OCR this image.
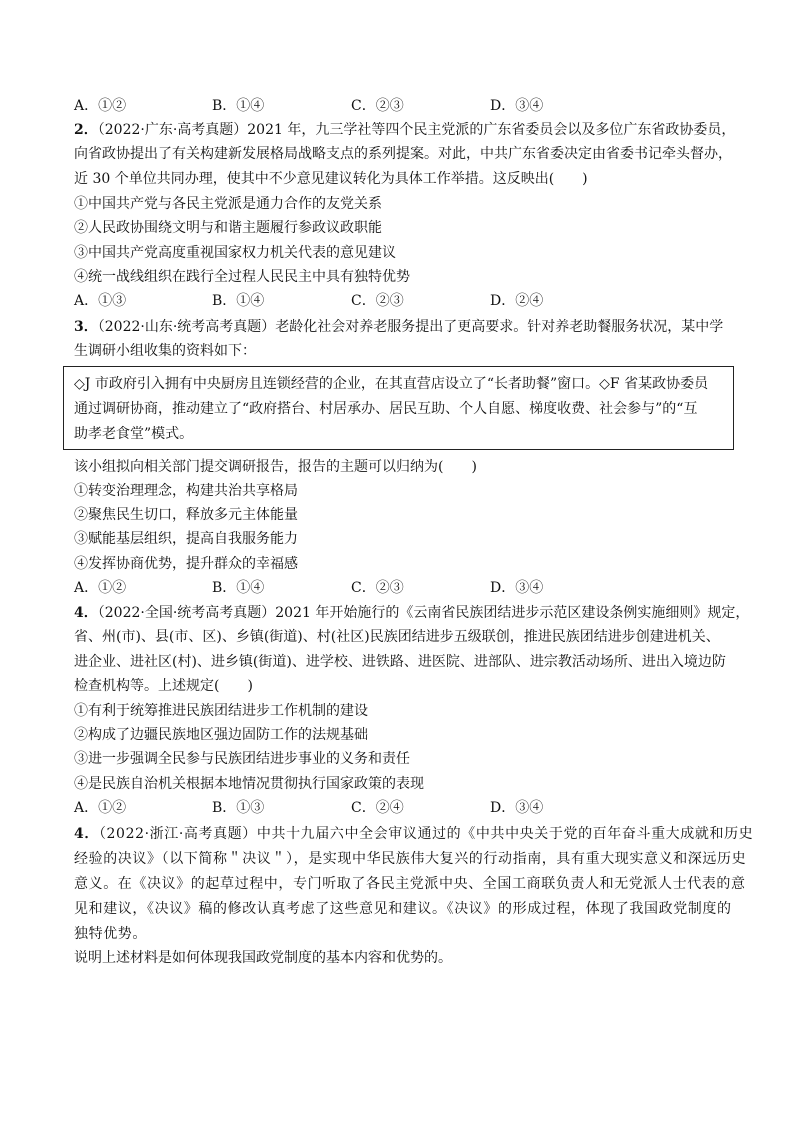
A．①②	B．①④	C．②③	D．③④
2．（2022·广东·高考真题）2021 年，九三学社等四个民主党派的广东省委员会以及多位广东省政协委员，
向省政协提出了有关构建新发展格局战略支点的系列提案。对此，中共广东省委决定由省委书记牵头督办，
近 30 个单位共同办理，使其中不少意见建议转化为具体工作举措。这反映出(　　)
①中国共产党与各民主党派是通力合作的友党关系
②人民政协围绕文明与和谐主题履行参政议政职能
③中国共产党高度重视国家权力机关代表的意见建议
④统一战线组织在践行全过程人民民主中具有独特优势
A．①③	B．①④	C．②③	D．②④
3．（2022·山东·统考高考真题）老龄化社会对养老服务提出了更高要求。针对养老助餐服务状况，某中学
生调研小组收集的资料如下：
◇J 市政府引入拥有中央厨房且连锁经营的企业，在其直营店设立了“长者助餐”窗口。◇F 省某政协委员
通过调研协商，推动建立了“政府搭台、村居承办、居民互助、个人自愿、梯度收费、社会参与”的“互
助孝老食堂”模式。
该小组拟向相关部门提交调研报告，报告的主题可以归纳为(　　)
①转变治理理念，构建共治共享格局
②聚焦民生切口，释放多元主体能量
③赋能基层组织，提高自我服务能力
④发挥协商优势，提升群众的幸福感
A．①②	B．①④	C．②③	D．③④
4．（2022·全国·统考高考真题）2021 年开始施行的《云南省民族团结进步示范区建设条例实施细则》规定，
省、州(市)、县(市、区)、乡镇(街道)、村(社区)民族团结进步五级联创，推进民族团结进步创建进机关、
进企业、进社区(村)、进乡镇(街道)、进学校、进铁路、进医院、进部队、进宗教活动场所、进出入境边防
检查机构等。上述规定(　　)
①有利于统筹推进民族团结进步工作机制的建设
②构成了边疆民族地区强边固防工作的法规基础
③进一步强调全民参与民族团结进步事业的义务和责任
④是民族自治机关根据本地情况贯彻执行国家政策的表现
A．①②	B．①③	C．②④	D．③④
4．（2022·浙江·高考真题）中共十九届六中全会审议通过的《中共中央关于党的百年奋斗重大成就和历史
经验的决议》（以下简称＂决议＂），是实现中华民族伟大复兴的行动指南，具有重大现实意义和深远历史
意义。在《决议》的起草过程中，专门听取了各民主党派中央、全国工商联负责人和无党派人士代表的意
见和建议，《决议》稿的修改认真考虑了这些意见和建议。《决议》的形成过程，体现了我国政党制度的
独特优势。
说明上述材料是如何体现我国政党制度的基本内容和优势的。
